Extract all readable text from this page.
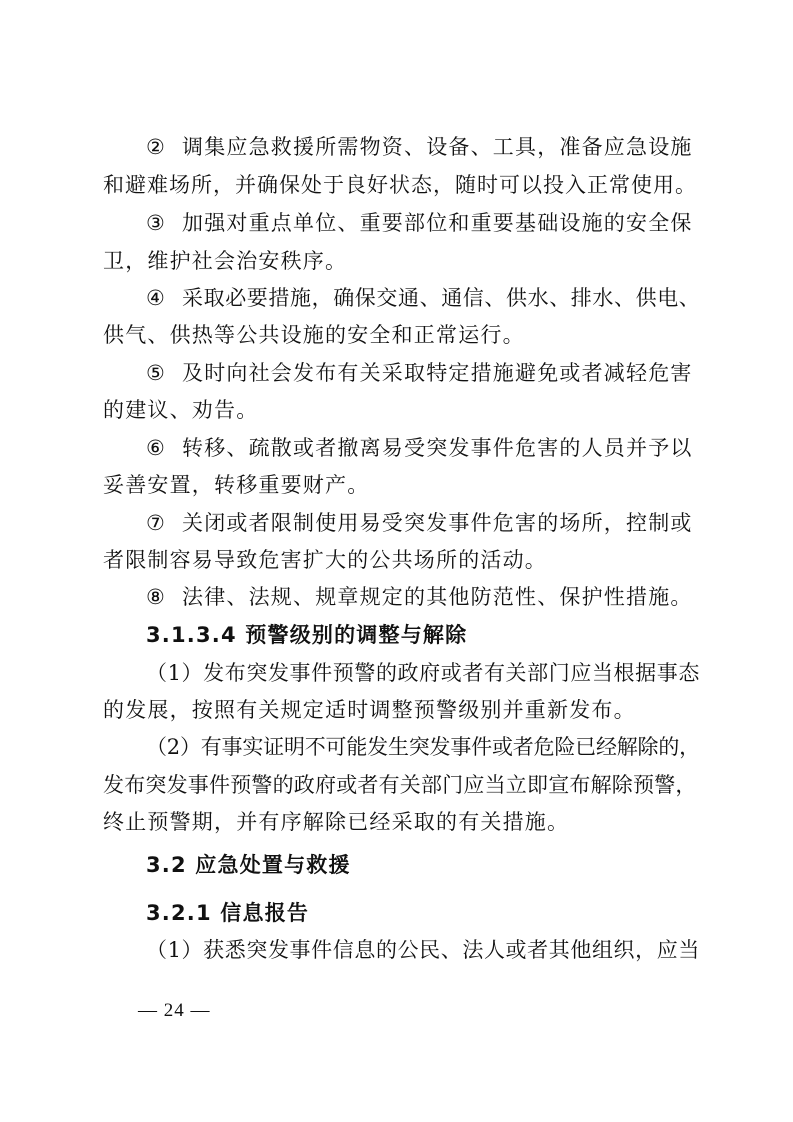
② 调集应急救援所需物资、设备、工具，准备应急设施
和避难场所，并确保处于良好状态，随时可以投入正常使用。
③ 加强对重点单位、重要部位和重要基础设施的安全保
卫，维护社会治安秩序。
④ 采取必要措施，确保交通、通信、供水、排水、供电、
供气、供热等公共设施的安全和正常运行。
⑤ 及时向社会发布有关采取特定措施避免或者减轻危害
的建议、劝告。
⑥ 转移、疏散或者撤离易受突发事件危害的人员并予以
妥善安置，转移重要财产。
⑦ 关闭或者限制使用易受突发事件危害的场所，控制或
者限制容易导致危害扩大的公共场所的活动。
⑧ 法律、法规、规章规定的其他防范性、保护性措施。
3.1.3.4 预警级别的调整与解除
（1）发布突发事件预警的政府或者有关部门应当根据事态
的发展，按照有关规定适时调整预警级别并重新发布。
（2）有事实证明不可能发生突发事件或者危险已经解除的，
发布突发事件预警的政府或者有关部门应当立即宣布解除预警，
终止预警期，并有序解除已经采取的有关措施。
3.2 应急处置与救援
3.2.1 信息报告
（1）获悉突发事件信息的公民、法人或者其他组织，应当
— 24 —
